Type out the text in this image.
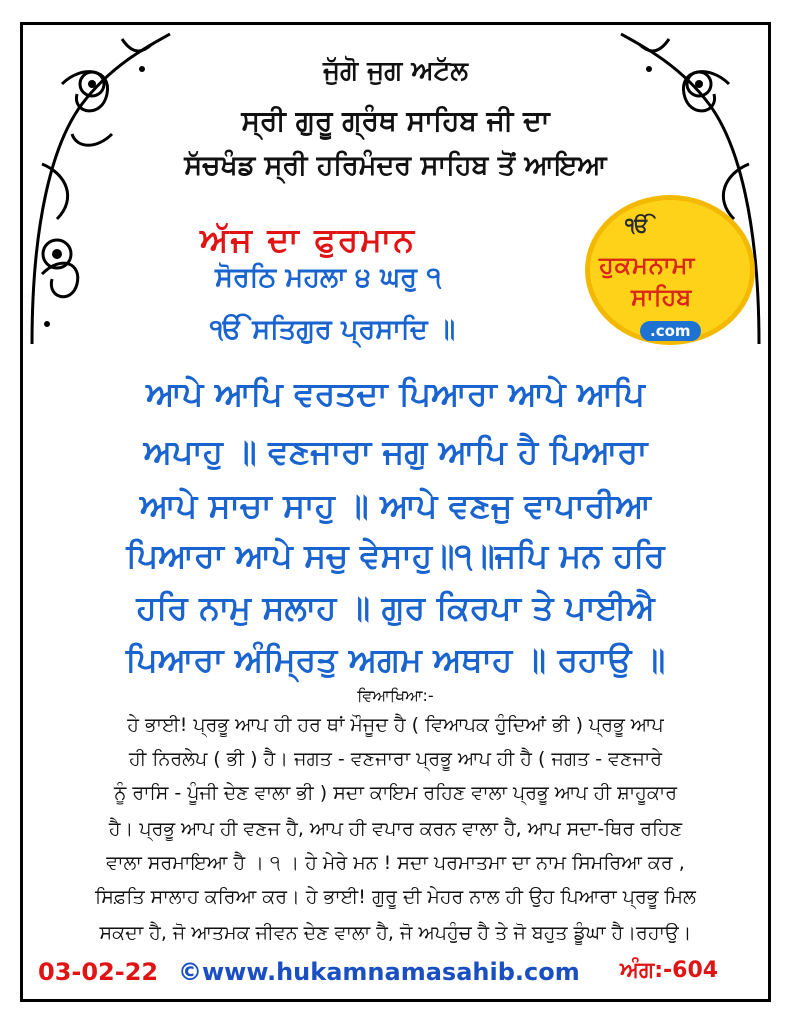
ਜੁੱਗੋ ਜੁਗ ਅਟੱਲ
ਸ੍ਰੀ ਗੁਰੂ ਗ੍ਰੰਥ ਸਾਹਿਬ ਜੀ ਦਾ
ਸੱਚਖੰਡ ਸ੍ਰੀ ਹਰਿਮੰਦਰ ਸਾਹਿਬ ਤੋਂ ਆਇਆ
ਅੱਜ ਦਾ ਫੁਰਮਾਨ	ੴ
ਹੁਕਮਨਾਮਾ
ਸਾਹਿਬ
.com
ਸੋਰਠਿ ਮਹਲਾ ੪ ਘਰੁ ੧
ੴ ਸਤਿਗੁਰ ਪ੍ਰਸਾਦਿ ॥
ਆਪੇ ਆਪਿ ਵਰਤਦਾ ਪਿਆਰਾ ਆਪੇ ਆਪਿ
ਅਪਾਹੁ ॥ ਵਣਜਾਰਾ ਜਗੁ ਆਪਿ ਹੈ ਪਿਆਰਾ
ਆਪੇ ਸਾਚਾ ਸਾਹੁ ॥ ਆਪੇ ਵਣਜੁ ਵਾਪਾਰੀਆ
ਪਿਆਰਾ ਆਪੇ ਸਚੁ ਵੇਸਾਹੁ॥੧॥ਜਪਿ ਮਨ ਹਰਿ
ਹਰਿ ਨਾਮੁ ਸਲਾਹ ॥ ਗੁਰ ਕਿਰਪਾ ਤੇ ਪਾਈਐ
ਪਿਆਰਾ ਅੰਮ੍ਰਿਤੁ ਅਗਮ ਅਥਾਹ ॥ ਰਹਾਉ ॥
ਵਿਆਖਿਆ:-
ਹੇ ਭਾਈ! ਪ੍ਰਭੂ ਆਪ ਹੀ ਹਰ ਥਾਂ ਮੌਜੂਦ ਹੈ ( ਵਿਆਪਕ ਹੁੰਦਿਆਂ ਭੀ ) ਪ੍ਰਭੂ ਆਪ
ਹੀ ਨਿਰਲੇਪ ( ਭੀ ) ਹੈ। ਜਗਤ - ਵਣਜਾਰਾ ਪ੍ਰਭੂ ਆਪ ਹੀ ਹੈ ( ਜਗਤ - ਵਣਜਾਰੇ
ਨੂੰ ਰਾਸਿ - ਪੂੰਜੀ ਦੇਣ ਵਾਲਾ ਭੀ ) ਸਦਾ ਕਾਇਮ ਰਹਿਣ ਵਾਲਾ ਪ੍ਰਭੂ ਆਪ ਹੀ ਸ਼ਾਹੂਕਾਰ
ਹੈ। ਪ੍ਰਭੂ ਆਪ ਹੀ ਵਣਜ ਹੈ, ਆਪ ਹੀ ਵਪਾਰ ਕਰਨ ਵਾਲਾ ਹੈ, ਆਪ ਸਦਾ-ਥਿਰ ਰਹਿਣ
ਵਾਲਾ ਸਰਮਾਇਆ ਹੈ । ੧ । ਹੇ ਮੇਰੇ ਮਨ ! ਸਦਾ ਪਰਮਾਤਮਾ ਦਾ ਨਾਮ ਸਿਮਰਿਆ ਕਰ ,
ਸਿਫ਼ਤਿ ਸਾਲਾਹ ਕਰਿਆ ਕਰ। ਹੇ ਭਾਈ! ਗੁਰੂ ਦੀ ਮੇਹਰ ਨਾਲ ਹੀ ਉਹ ਪਿਆਰਾ ਪ੍ਰਭੂ ਮਿਲ
ਸਕਦਾ ਹੈ, ਜੋ ਆਤਮਕ ਜੀਵਨ ਦੇਣ ਵਾਲਾ ਹੈ, ਜੋ ਅਪਹੁੰਚ ਹੈ ਤੇ ਜੋ ਬਹੁਤ ਡੂੰਘਾ ਹੈ।ਰਹਾਉ।
03-02-22 ©www.hukamnamasahib.com ਅੰਗ:-604
